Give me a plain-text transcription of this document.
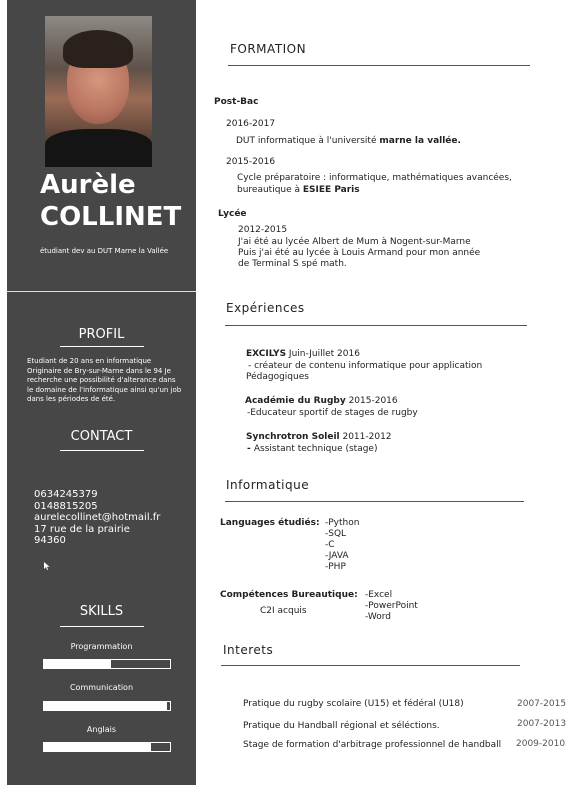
Aurèle
COLLINET
étudiant dev au DUT Marne la Vallée
PROFIL
Etudiant de 20 ans en informatique Originaire de Bry-sur-Marne dans le 94 Je recherche une possibilité d'alterance dans le domaine de l'informatique ainsi qu'un job dans les périodes de été.
CONTACT
0634245379
0148815205
aurelecollinet@hotmail.fr
17 rue de la prairie
94360
SKILLS
Programmation
Communication
Anglais
FORMATION
Post-Bac
2016-2017
DUT informatique à l'université marne la vallée.
2015-2016
Cycle préparatoire : informatique, mathématiques avancées,
bureautique à ESIEE Paris
Lycée
2012-2015
J'ai été au lycée Albert de Mum à Nogent-sur-Marne
Puis j'ai été au lycée à Louis Armand pour mon année
de Terminal S spé math.
Expériences
EXCILYS Juin-Juillet 2016
- créateur de contenu informatique pour application
Pédagogiques
Académie du Rugby 2015-2016
-Educateur sportif de stages de rugby
Synchrotron Soleil 2011-2012
- Assistant technique (stage)
Informatique
Languages étudiés: -Python
-SQL
-C
-JAVA
-PHP
Compétences Bureautique:
C2I acquis
-Excel
-PowerPoint
-Word
Interets
Pratique du rugby scolaire (U15) et fédéral (U18)	2007-2015
Pratique du Handball régional et séléctions.	2007-2013
Stage de formation d'arbitrage professionnel de handball 2009-2010
